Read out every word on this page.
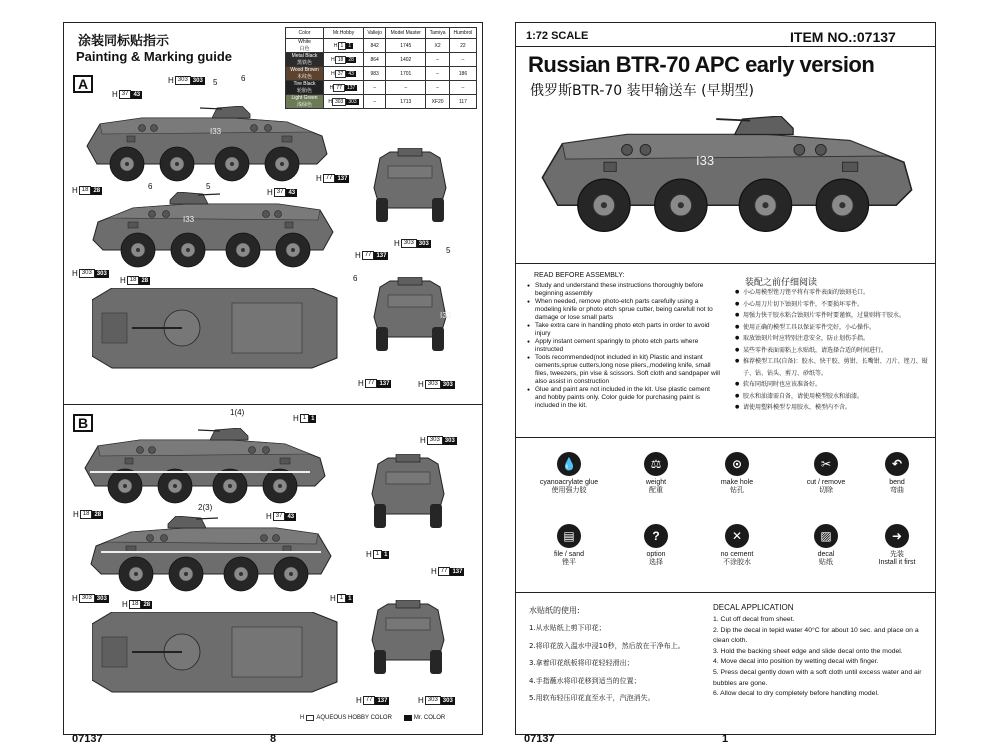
涂装同标贴指示
Painting & Marking guide
Color	Mr.Hobby	Vallejo	Model Master	Tamiya	Humbrol
White
白色	H 1 1	842	1745	X2	22
Metal Black
黑铁色	H 18 28	864	1402	–	–
Wood Brown
木纹色	H 37 43	983	1701	–	186
Tire Black
轮胎色	H 77 137	–	–	–	–
Light Green
浅绿色	H 303 303	–	1713	XF20	117
A
I33
I33
I33
H 303 303
H 37 43
5	6
H 77 137
H 18 28	6	5
H 37 43
H 303 303
H 77 137
5
H 303 303
H 18 28	6
H 77 137	H 303 303
B
1(4)
H 1 1
H 303 303
2(3)
H 18 28	H 37 43
H 1 1
H 77 137
H 303 303
H 18 28
H 1 1
H 77 137	H 303 303
H AQUEOUS HOBBY COLOR	Mr. COLOR
07137	8
1:72 SCALE	ITEM NO.:07137
Russian BTR-70 APC early version
俄罗斯BTR-70 装甲输送车 (早期型)
I33
READ BEFORE ASSEMBLY:
● Study and understand these instructions thoroughly before beginning assembly
● When needed, remove photo-etch parts carefully using a modeling knife or photo etch sprue cutter, being carefull not to damage or lose small parts
● Take extra care in handling photo etch parts in order to avoid injury
● Apply instant cement sparingly to photo etch parts where instructed
● Tools recommended(not included in kit) Plastic and instant cements,sprue cutters,long nose pliers,,modeling knife, small files, tweezers, pin vise & scissors. Soft cloth and sandpaper will also assist in construction
● Glue and paint are not included in the kit. Use plastic cement and hobby paints only. Color guide for purchasing paint is included in the kit.
装配之前仔细阅读
● 小心用模型锉刀锉平将有零件表面的蚀刻毛口。
● 小心用刀片切下蚀刻片零件，不要损坏零件。
● 用强力快干胶水粘合蚀刻片零件时要谨慎，过量则将干胶水。
● 使用正确的模型工具以保证零件完好，小心操作。
● 取放蚀刻片时应特别注意安全，防止划伤手指。
● 某些零件表面需粘上水贴纸，请选择合适的时间进行。
● 推荐模型工具(自备)：胶水、快干胶、剪钳、长嘴钳、刀片、锉刀、镊子、钻、钻头、剪刀、砂纸等。
● 软布同纸同时也应该准备好。
● 胶水和油漆需自备，请使用模型胶水和油漆。
● 请使用塑料模型专用胶水，模型内不含。
💧
cyanoacrylate glue
使用强力胶
⚖
weight
配重
⊙
make hole
钻孔
✂
cut / remove
切除
↶
bend
弯曲
▤
file / sand
锉平
?
option
选择
✕
no cement
不涂胶水
▨
decal
贴纸
➜
先装
Install it first
水贴纸的使用:
1.从水贴纸上剪下印花；
2.将印花放入温水中浸10秒，然后放在干净布上。
3.拿着印花纸板将印花轻轻滑出；
4.手指蘸水将印花移到适当的位置；
5.用软布轻压印花直至水干，汽泡消失。
DECAL APPLICATION
1. Cut off decal from sheet.
2. Dip the decal in tepid water 40°C for about 10 sec. and place on a clean cloth.
3. Hold the backing sheet edge and slide decal onto the model.
4. Move decal into position by wetting decal with finger.
5. Press decal gently down with a soft cloth until excess water and air bubbles are gone.
6. Allow decal to dry completely before handling model.
07137	1
